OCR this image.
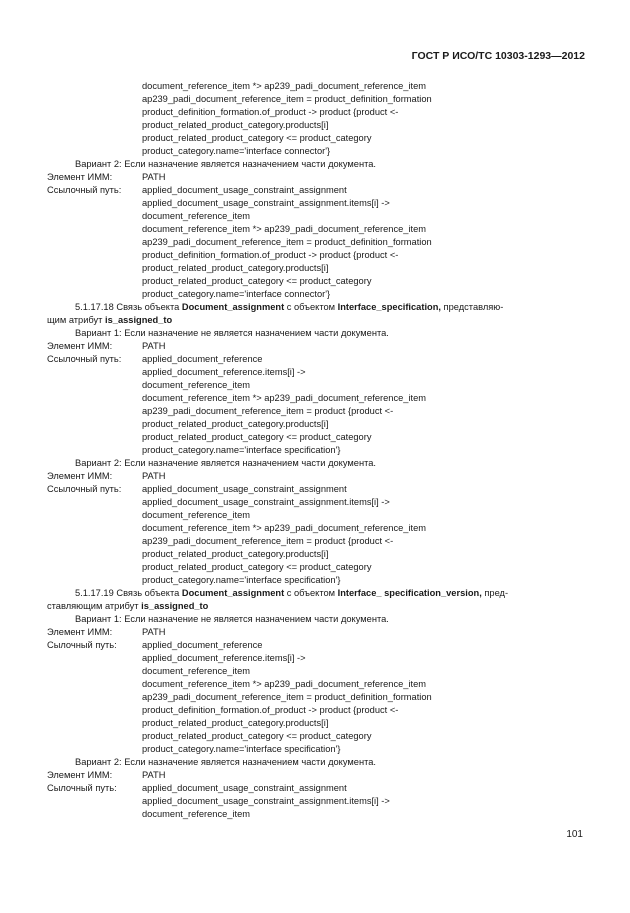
ГОСТ Р ИСО/ТС 10303-1293—2012
document_reference_item *> ap239_padi_document_reference_item
ap239_padi_document_reference_item = product_definition_formation
product_definition_formation.of_product -> product {product <-
product_related_product_category.products[i]
product_related_product_category <= product_category
product_category.name='interface connector'}
Вариант 2: Если назначение является назначением части документа.
Элемент ИММ:	PATH
Ссылочный путь: applied_document_usage_constraint_assignment
applied_document_usage_constraint_assignment.items[i] ->
document_reference_item
document_reference_item *> ap239_padi_document_reference_item
ap239_padi_document_reference_item = product_definition_formation
product_definition_formation.of_product -> product {product <-
product_related_product_category.products[i]
product_related_product_category <= product_category
product_category.name='interface connector'}
5.1.17.18 Связь объекта Document_assignment с объектом Interface_specification, представляю-
щим атрибут is_assigned_to
Вариант 1: Если назначение не является назначением части документа.
Элемент ИММ:	PATH
Ссылочный путь: applied_document_reference
applied_document_reference.items[i] ->
document_reference_item
document_reference_item *> ap239_padi_document_reference_item
ap239_padi_document_reference_item = product {product <-
product_related_product_category.products[i]
product_related_product_category <= product_category
product_category.name='interface specification'}
Вариант 2: Если назначение является назначением части документа.
Элемент ИММ:	PATH
Ссылочный путь: applied_document_usage_constraint_assignment
applied_document_usage_constraint_assignment.items[i] ->
document_reference_item
document_reference_item *> ap239_padi_document_reference_item
ap239_padi_document_reference_item = product {product <-
product_related_product_category.products[i]
product_related_product_category <= product_category
product_category.name='interface specification'}
5.1.17.19 Связь объекта Document_assignment с объектом Interface_ specification_version, пред-
ставляющим атрибут is_assigned_to
Вариант 1: Если назначение не является назначением части документа.
Элемент ИММ:	PATH
Сылочный путь:	applied_document_reference
applied_document_reference.items[i] ->
document_reference_item
document_reference_item *> ap239_padi_document_reference_item
ap239_padi_document_reference_item = product_definition_formation
product_definition_formation.of_product -> product {product <-
product_related_product_category.products[i]
product_related_product_category <= product_category
product_category.name='interface specification'}
Вариант 2: Если назначение является назначением части документа.
Элемент ИММ:	PATH
Сылочный путь:	applied_document_usage_constraint_assignment
applied_document_usage_constraint_assignment.items[i] ->
document_reference_item
101
